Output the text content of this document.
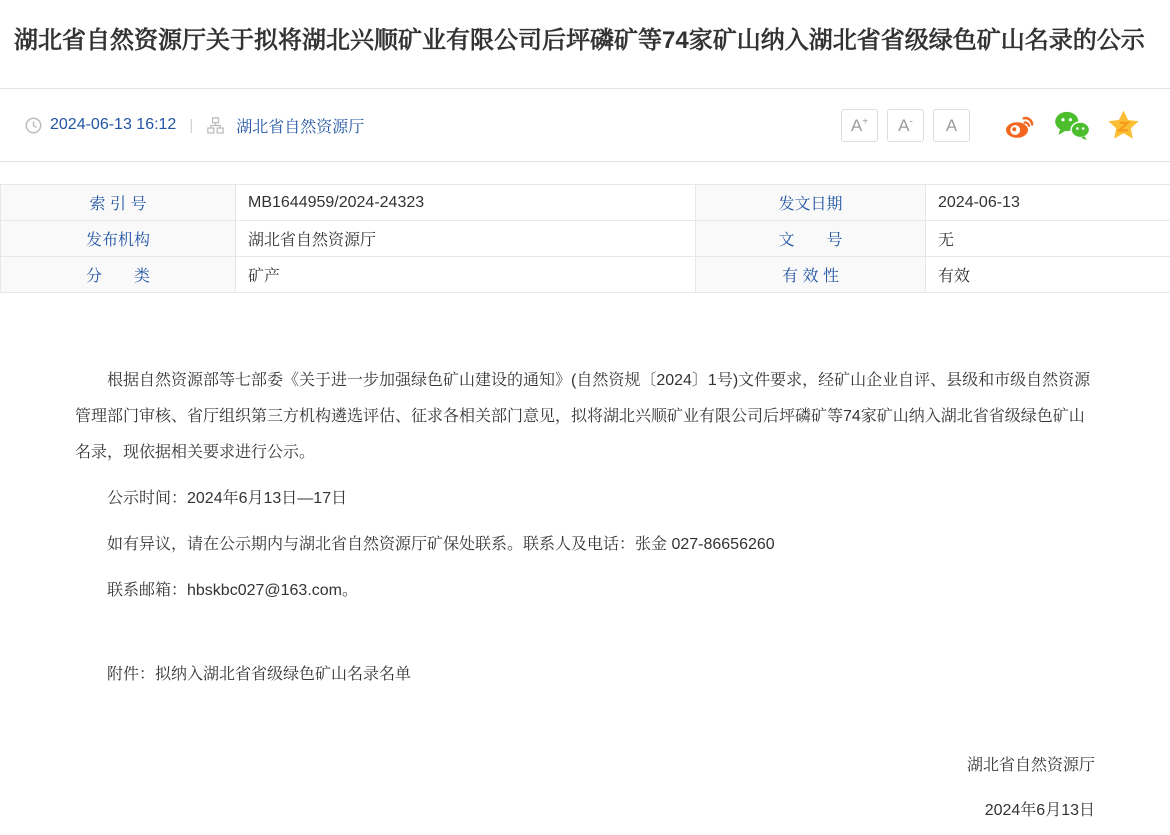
湖北省自然资源厅关于拟将湖北兴顺矿业有限公司后坪磷矿等74家矿山纳入湖北省省级绿色矿山名录的公示
2024-06-13 16:12 |	湖北省自然资源厅	A+	A-	A
索 引 号	MB1644959/2024-24323	发文日期	2024-06-13
发布机构	湖北省自然资源厅	文　　号	无
分　　类	矿产	有 效 性	有效

根据自然资源部等七部委《关于进一步加强绿色矿山建设的通知》(自然资规〔2024〕1号)文件要求，经矿山企业自评、县级和市级自然资源管理部门审核、省厅组织第三方机构遴选评估、征求各相关部门意见，拟将湖北兴顺矿业有限公司后坪磷矿等74家矿山纳入湖北省省级绿色矿山名录，现依据相关要求进行公示。

公示时间：2024年6月13日—17日

如有异议，请在公示期内与湖北省自然资源厅矿保处联系。联系人及电话：张金 027-86656260

联系邮箱：hbskbc027@163.com。

附件：拟纳入湖北省省级绿色矿山名录名单
湖北省自然资源厅
2024年6月13日
